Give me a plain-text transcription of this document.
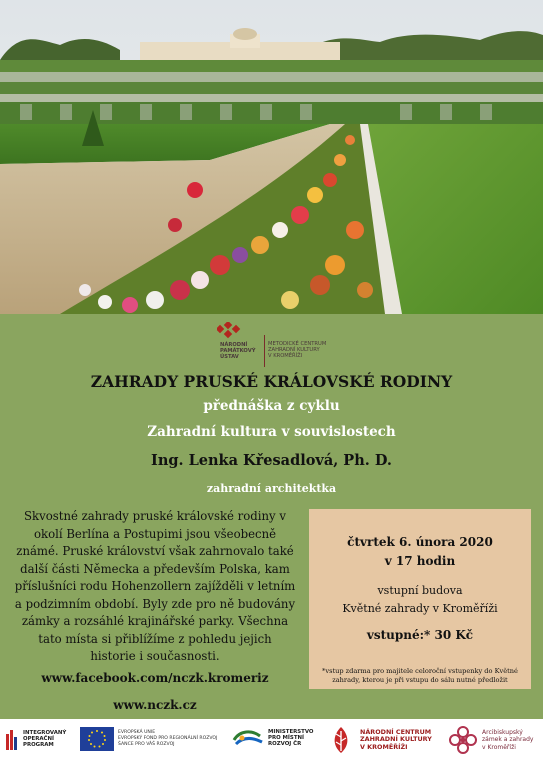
NÁRODNÍ
PAMÁTKOVÝ
ÚSTAV
METODICKÉ CENTRUM
ZAHRADNÍ KULTURY
V KROMĚŘÍŽI
ZAHRADY PRUSKÉ KRÁLOVSKÉ RODINY
přednáška z cyklu
Zahradní kultura v souvislostech
Ing. Lenka Křesadlová, Ph. D.
zahradní architektka
Skvostné zahrady pruské královské rodiny v okolí Berlína a Postupimi jsou všeobecně známé. Pruské království však zahrnovalo také další části Německa a především Polska, kam příslušníci rodu Hohenzollern zajížděli v letním a podzimním období. Byly zde pro ně budovány zámky a rozsáhlé krajinářské parky. Všechna tato místa si přiblížíme z pohledu jejich historie i současnosti.
www.facebook.com/nczk.kromeriz
www.nczk.cz
čtvrtek 6. února 2020
v 17 hodin
vstupní budova
Květné zahrady v Kroměříži
vstupné:* 30 Kč
*vstup zdarma pro majitele celoroční vstupenky do Květné zahrady, kterou je při vstupu do sálu nutné předložit
INTEGROVANÝ
OPERAČNÍ
PROGRAM
EVROPSKÁ UNIE
EVROPSKÝ FOND PRO REGIONÁLNÍ ROZVOJ
ŠANCE PRO VÁŠ ROZVOJ
MINISTERSTVO
PRO MÍSTNÍ
ROZVOJ ČR
NÁRODNÍ CENTRUM
ZAHRADNÍ KULTURY
V KROMĚŘÍŽI
Arcibiskupský
zámek a zahrady
v Kroměříži
